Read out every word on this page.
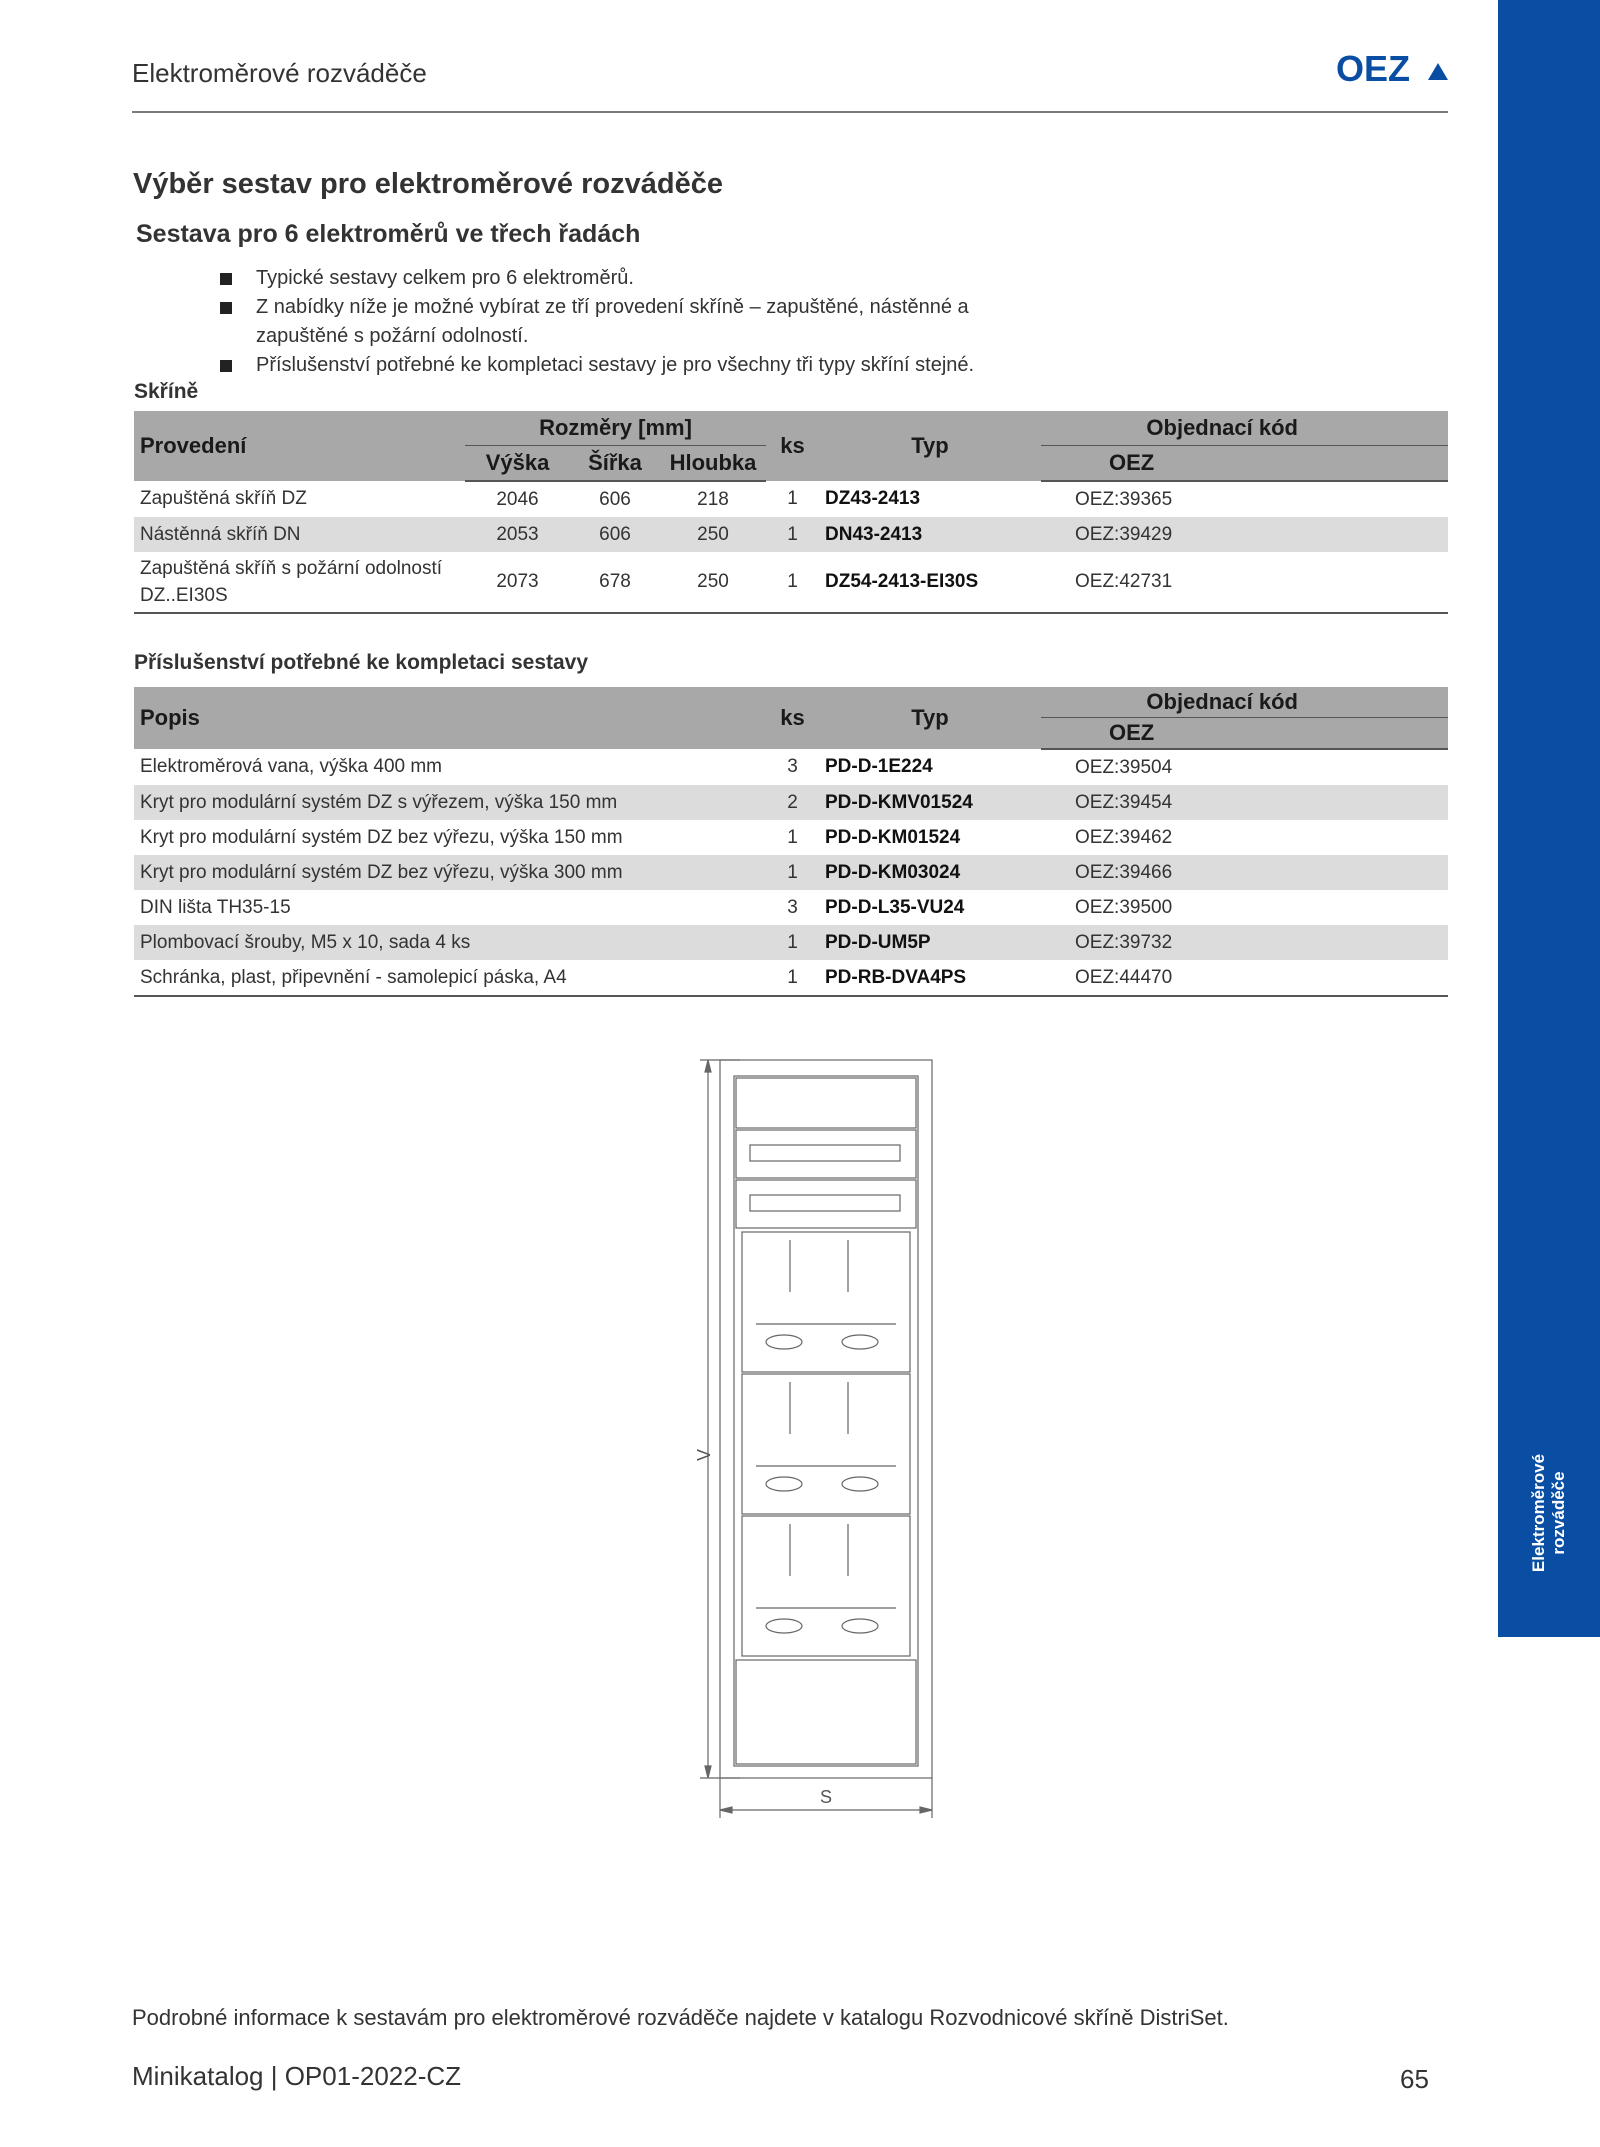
Elektroměrové rozváděče	OEZ
Elektroměrové rozváděče
Výběr sestav pro elektroměrové rozváděče
Sestava pro 6 elektroměrů ve třech řadách
Typické sestavy celkem pro 6 elektroměrů.
Z nabídky níže je možné vybírat ze tří provedení skříně – zapuštěné, nástěnné a zapuštěné s požární odolností.
Příslušenství potřebné ke kompletaci sestavy je pro všechny tři typy skříní stejné.
Skříně
Provedení	Rozměry [mm]			ks	Typ	Objednací kód
	Výška	Šířka	Hloubka			OEZ
Zapuštěná skříň DZ	2046	606	218	1	DZ43-2413	OEZ:39365
Nástěnná skříň DN	2053	606	250	1	DN43-2413	OEZ:39429
Zapuštěná skříň s požární odolností DZ..EI30S	2073	678	250	1	DZ54-2413-EI30S	OEZ:42731
Příslušenství potřebné ke kompletaci sestavy
Popis	ks	Typ	Objednací kód
			OEZ
Elektroměrová vana, výška 400 mm	3	PD-D-1E224	OEZ:39504
Kryt pro modulární systém DZ s výřezem, výška 150 mm	2	PD-D-KMV01524	OEZ:39454
Kryt pro modulární systém DZ bez výřezu, výška 150 mm	1	PD-D-KM01524	OEZ:39462
Kryt pro modulární systém DZ bez výřezu, výška 300 mm	1	PD-D-KM03024	OEZ:39466
DIN lišta TH35-15	3	PD-D-L35-VU24	OEZ:39500
Plombovací šrouby, M5 x 10, sada 4 ks	1	PD-D-UM5P	OEZ:39732
Schránka, plast, připevnění - samolepicí páska, A4	1	PD-RB-DVA4PS	OEZ:44470
V
S
Podrobné informace k sestavám pro elektroměrové rozváděče najdete v katalogu Rozvodnicové skříně DistriSet.
Minikatalog | OP01-2022-CZ	65
